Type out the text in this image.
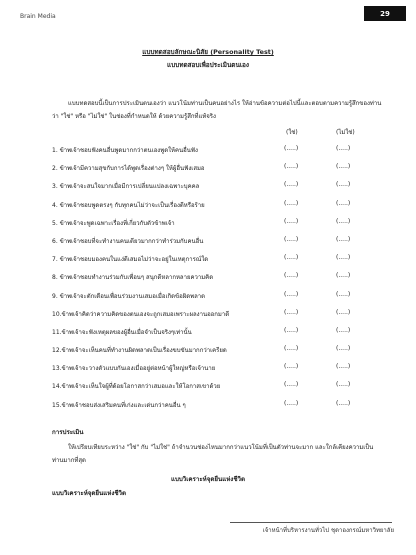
Brain Media	29
แบบทดสอบลักษณะนิสัย (Personality Test)
แบบทดสอบเพื่อประเมินตนเอง
แบบทดสอบนี้เป็นการประเมินตนเองว่า แนวโน้มท่านเป็นคนอย่างไร ให้อ่านข้อความต่อไปนี้และตอบตามความรู้สึกของท่านว่า "ใช่" หรือ "ไม่ใช่" ในช่องที่กำหนดให้ ด้วยความรู้สึกที่แท้จริง
(ใช่)	(ไม่ใช่)
1. ข้าพเจ้าชอบฟังคนอื่นพูดมากกว่าตนเองพูดให้คนอื่นฟัง	(.....)	(.....)
2. ข้าพเจ้ามีความสุขกับการได้พูดเรื่องต่างๆ ให้ผู้อื่นฟังเสมอ	(.....)	(.....)
3. ข้าพเจ้าจะสนใจมากเมื่อมีการเปลี่ยนแปลงเฉพาะบุคคล	(.....)	(.....)
4. ข้าพเจ้าชอบพูดตรงๆ กับทุกคนไม่ว่าจะเป็นเรื่องดีหรือร้าย	(.....)	(.....)
5. ข้าพเจ้าจะพูดเฉพาะเรื่องที่เกี่ยวกับตัวข้าพเจ้า	(.....)	(.....)
6. ข้าพเจ้าชอบที่จะทำงานคนเดียวมากกว่าทำร่วมกับคนอื่น	(.....)	(.....)
7. ข้าพเจ้าชอบมองคนในแง่ดีเสมอไม่ว่าจะอยู่ในเหตุการณ์ใด	(.....)	(.....)
8. ข้าพเจ้าชอบทำงานร่วมกับเพื่อนๆ สนุกดีหลากหลายความคิด	(.....)	(.....)
9. ข้าพเจ้าจะตักเตือนเพื่อนร่วมงานเสมอเมื่อเกิดข้อผิดพลาด	(.....)	(.....)
10.ข้าพเจ้าคิดว่าความคิดของตนเองจะถูกเสมอเพราะผลงานออกมาดี	(.....)	(.....)
11.ข้าพเจ้าจะฟังเหตุผลของผู้อื่นเมื่อจำเป็นจริงๆเท่านั้น	(.....)	(.....)
12.ข้าพเจ้าจะเห็นคนที่ทำงานผิดพลาดเป็นเรื่องขบขันมากกว่าเครียด	(.....)	(.....)
13.ข้าพเจ้าจะวางตัวแบบกันเองเมื่ออยู่ต่อหน้าผู้ใหญ่หรือเจ้านาย	(.....)	(.....)
14.ข้าพเจ้าจะเห็นใจผู้ที่ด้อยโอกาสกว่าเสมอและให้โอกาสเขาด้วย	(.....)	(.....)
15.ข้าพเจ้าชอบส่งเสริมคนที่เก่งและเด่นกว่าคนอื่น ๆ	(.....)	(.....)
การประเมิน
ให้เปรียบเทียบระหว่าง "ใช่" กับ "ไม่ใช่" ถ้าจำนวนช่องไหนมากกว่าแนวโน้มที่เป็นตัวท่านจะมาก และใกล้เคียงความเป็นท่านมากที่สุด
แบบวิเคราะห์จุดยืนแห่งชีวิต
แบบวิเคราะห์จุดยืนแห่งชีวิต
เจ้าหน้าที่บริหารงานทั่วไป ชุดาองกรณ์มหาวิทยาลัย
